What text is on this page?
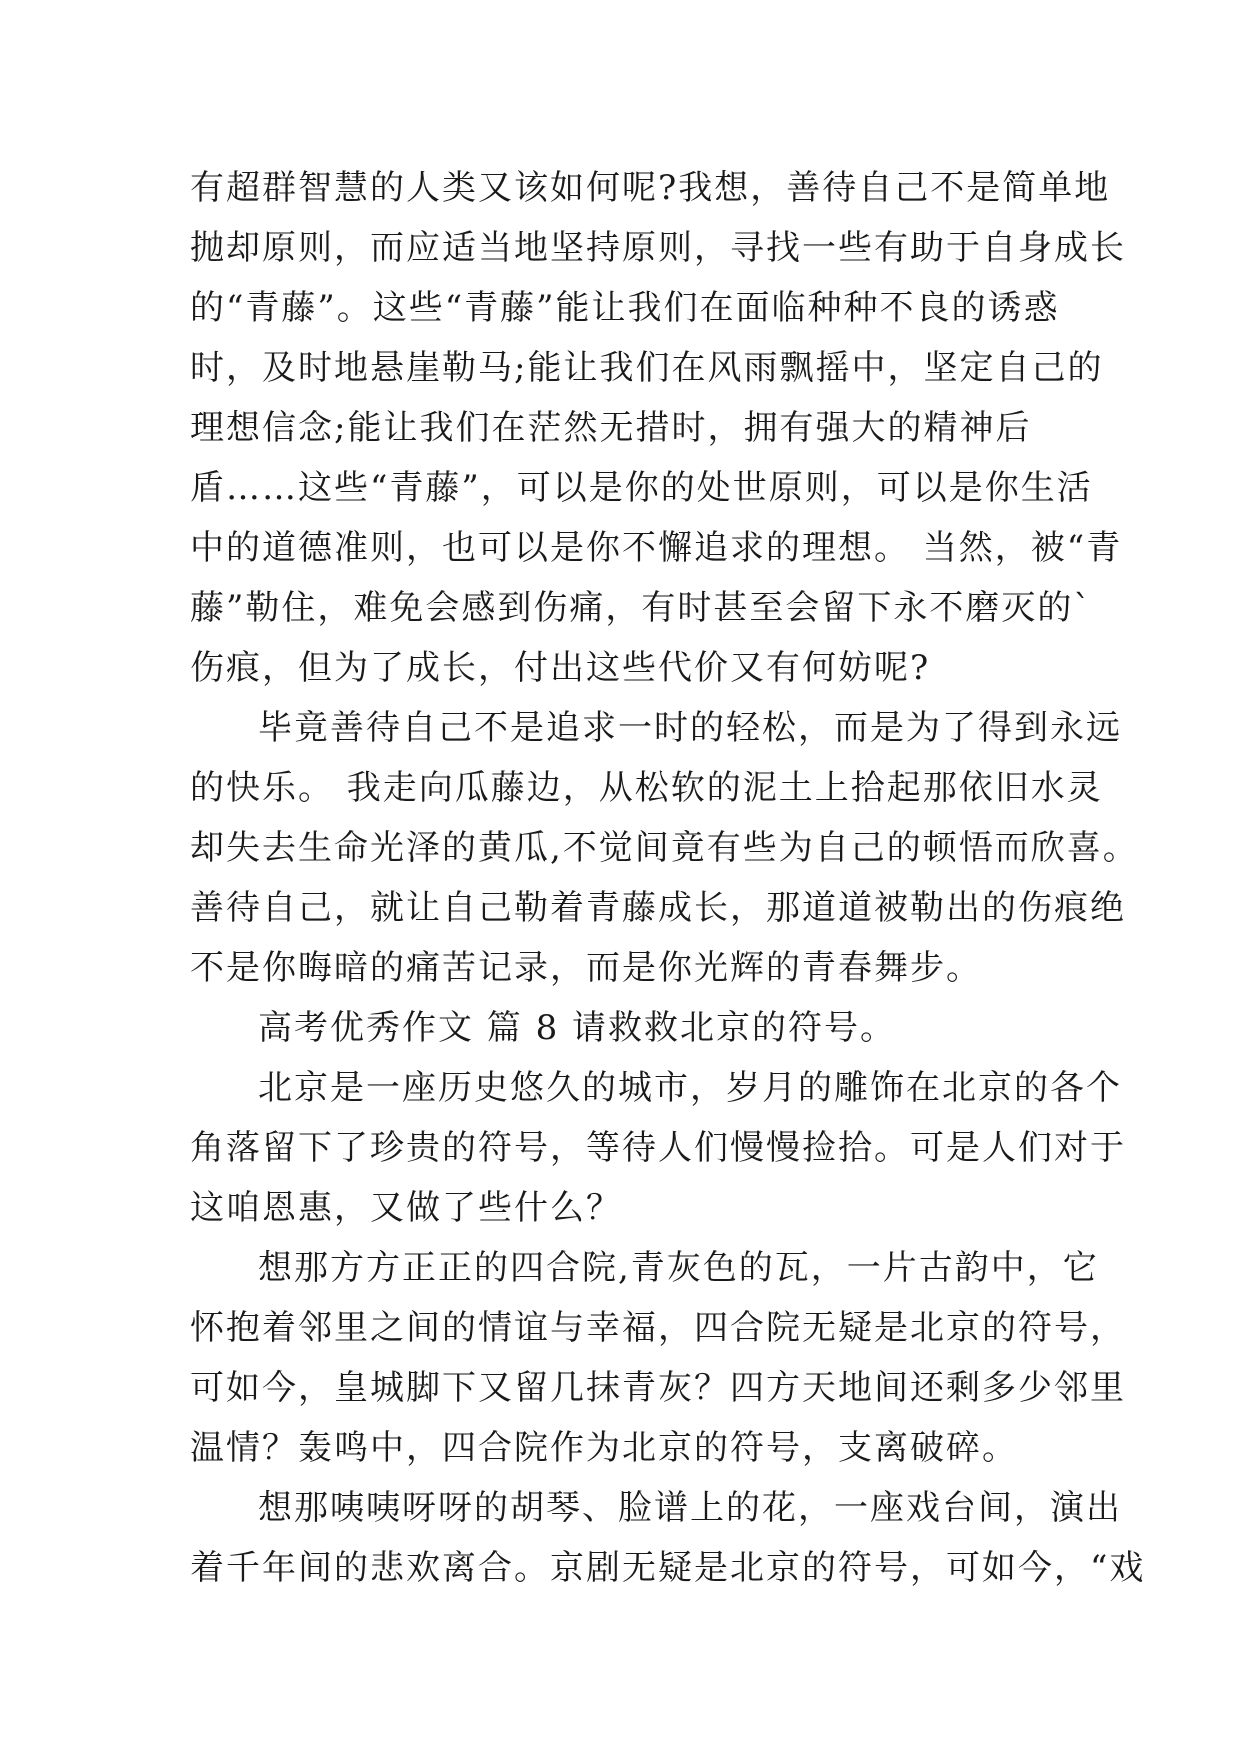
有超群智慧的人类又该如何呢?我想，善待自己不是简单地
抛却原则，而应适当地坚持原则，寻找一些有助于自身成长
的“青藤”。这些“青藤”能让我们在面临种种不良的诱惑
时，及时地悬崖勒马;能让我们在风雨飘摇中，坚定自己的
理想信念;能让我们在茫然无措时，拥有强大的精神后
盾……这些“青藤”，可以是你的处世原则，可以是你生活
中的道德准则，也可以是你不懈追求的理想。 当然，被“青
藤”勒住，难免会感到伤痛，有时甚至会留下永不磨灭的`
伤痕，但为了成长，付出这些代价又有何妨呢?
毕竟善待自己不是追求一时的轻松，而是为了得到永远
的快乐。 我走向瓜藤边，从松软的泥土上拾起那依旧水灵
却失去生命光泽的黄瓜,不觉间竟有些为自己的顿悟而欣喜。
善待自己，就让自己勒着青藤成长，那道道被勒出的伤痕绝
不是你晦暗的痛苦记录，而是你光辉的青春舞步。
高考优秀作文 篇 8 请救救北京的符号。
北京是一座历史悠久的城市，岁月的雕饰在北京的各个
角落留下了珍贵的符号，等待人们慢慢捡拾。可是人们对于
这咱恩惠，又做了些什么？
想那方方正正的四合院,青灰色的瓦，一片古韵中，它
怀抱着邻里之间的情谊与幸福，四合院无疑是北京的符号，
可如今，皇城脚下又留几抹青灰？四方天地间还剩多少邻里
温情？轰鸣中，四合院作为北京的符号，支离破碎。
想那咦咦呀呀的胡琴、脸谱上的花，一座戏台间，演出
着千年间的悲欢离合。京剧无疑是北京的符号，可如今，“戏
